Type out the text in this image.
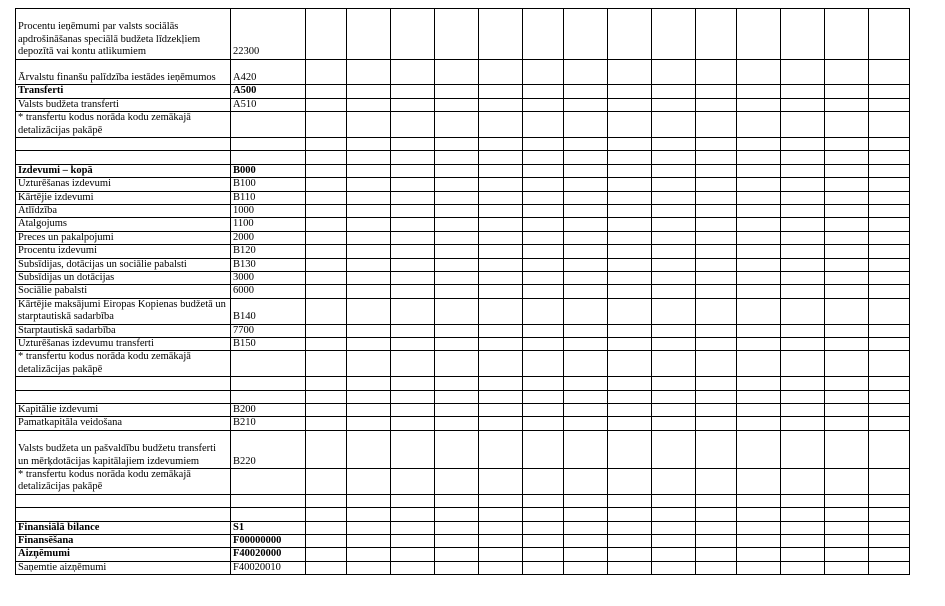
Procentu ieņēmumi par valsts sociālās apdrošināšanas speciālā budžeta līdzekļiem depozītā vai kontu atlikumiem	22300														
Ārvalstu finanšu palīdzība iestādes ieņēmumos	A420														
Transferti	A500														
Valsts budžeta transferti	A510														
* transfertu kodus norāda kodu zemākajā detalizācijas pakāpē															

Izdevumi – kopā	B000														
Uzturēšanas izdevumi	B100														
Kārtējie izdevumi	B110														
Atlīdzība	1000														
Atalgojums	1100														
Preces un pakalpojumi	2000														
Procentu izdevumi	B120														
Subsīdijas, dotācijas un sociālie pabalsti	B130														
Subsīdijas un dotācijas	3000														
Sociālie pabalsti	6000														
Kārtējie maksājumi Eiropas Kopienas budžetā un starptautiskā sadarbība	B140														
Starptautiskā sadarbība	7700														
Uzturēšanas izdevumu transferti	B150														
* transfertu kodus norāda kodu zemākajā detalizācijas pakāpē															

Kapitālie izdevumi	B200														
Pamatkapitāla veidošana	B210														
Valsts budžeta un pašvaldību budžetu transferti un mērķdotācijas kapitālajiem izdevumiem	B220														
* transfertu kodus norāda kodu zemākajā detalizācijas pakāpē															

Finansiālā bilance	S1														
Finansēšana	F00000000														
Aizņēmumi	F40020000														
Saņemtie aizņēmumi	F40020010														
